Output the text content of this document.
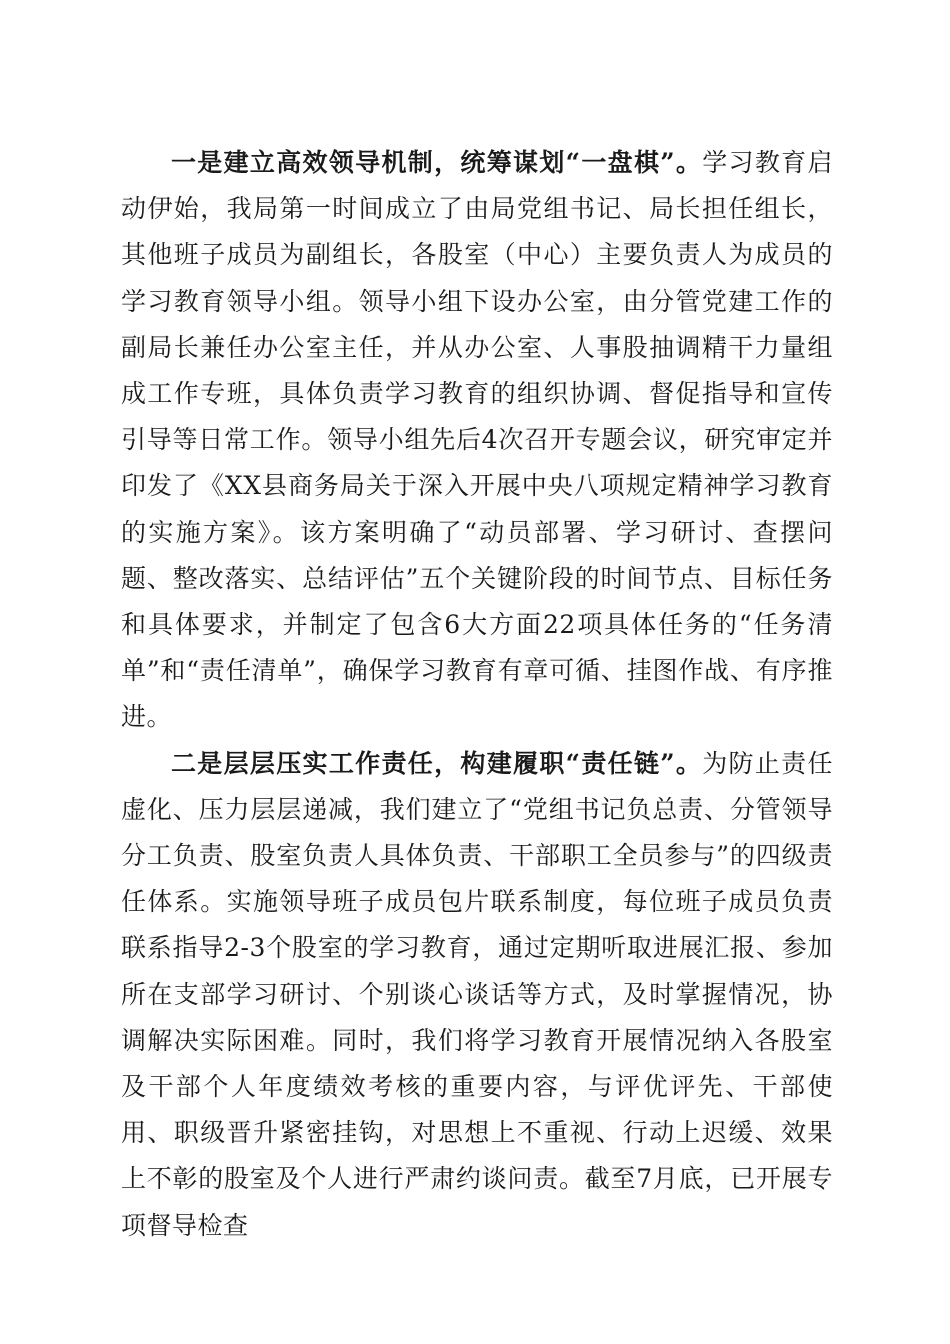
一是建立高效领导机制，统筹谋划“一盘棋”。学习教育启动伊始，我局第一时间成立了由局党组书记、局长担任组长，其他班子成员为副组长，各股室（中心）主要负责人为成员的学习教育领导小组。领导小组下设办公室，由分管党建工作的副局长兼任办公室主任，并从办公室、人事股抽调精干力量组成工作专班，具体负责学习教育的组织协调、督促指导和宣传引导等日常工作。领导小组先后4次召开专题会议，研究审定并印发了《XX县商务局关于深入开展中央八项规定精神学习教育的实施方案》。该方案明确了“动员部署、学习研讨、查摆问题、整改落实、总结评估”五个关键阶段的时间节点、目标任务和具体要求，并制定了包含6大方面22项具体任务的“任务清单”和“责任清单”，确保学习教育有章可循、挂图作战、有序推进。

二是层层压实工作责任，构建履职“责任链”。为防止责任虚化、压力层层递减，我们建立了“党组书记负总责、分管领导分工负责、股室负责人具体负责、干部职工全员参与”的四级责任体系。实施领导班子成员包片联系制度，每位班子成员负责联系指导2-3个股室的学习教育，通过定期听取进展汇报、参加所在支部学习研讨、个别谈心谈话等方式，及时掌握情况，协调解决实际困难。同时，我们将学习教育开展情况纳入各股室及干部个人年度绩效考核的重要内容，与评优评先、干部使用、职级晋升紧密挂钩，对思想上不重视、行动上迟缓、效果上不彰的股室及个人进行严肃约谈问责。截至7月底，已开展专项督导检查
